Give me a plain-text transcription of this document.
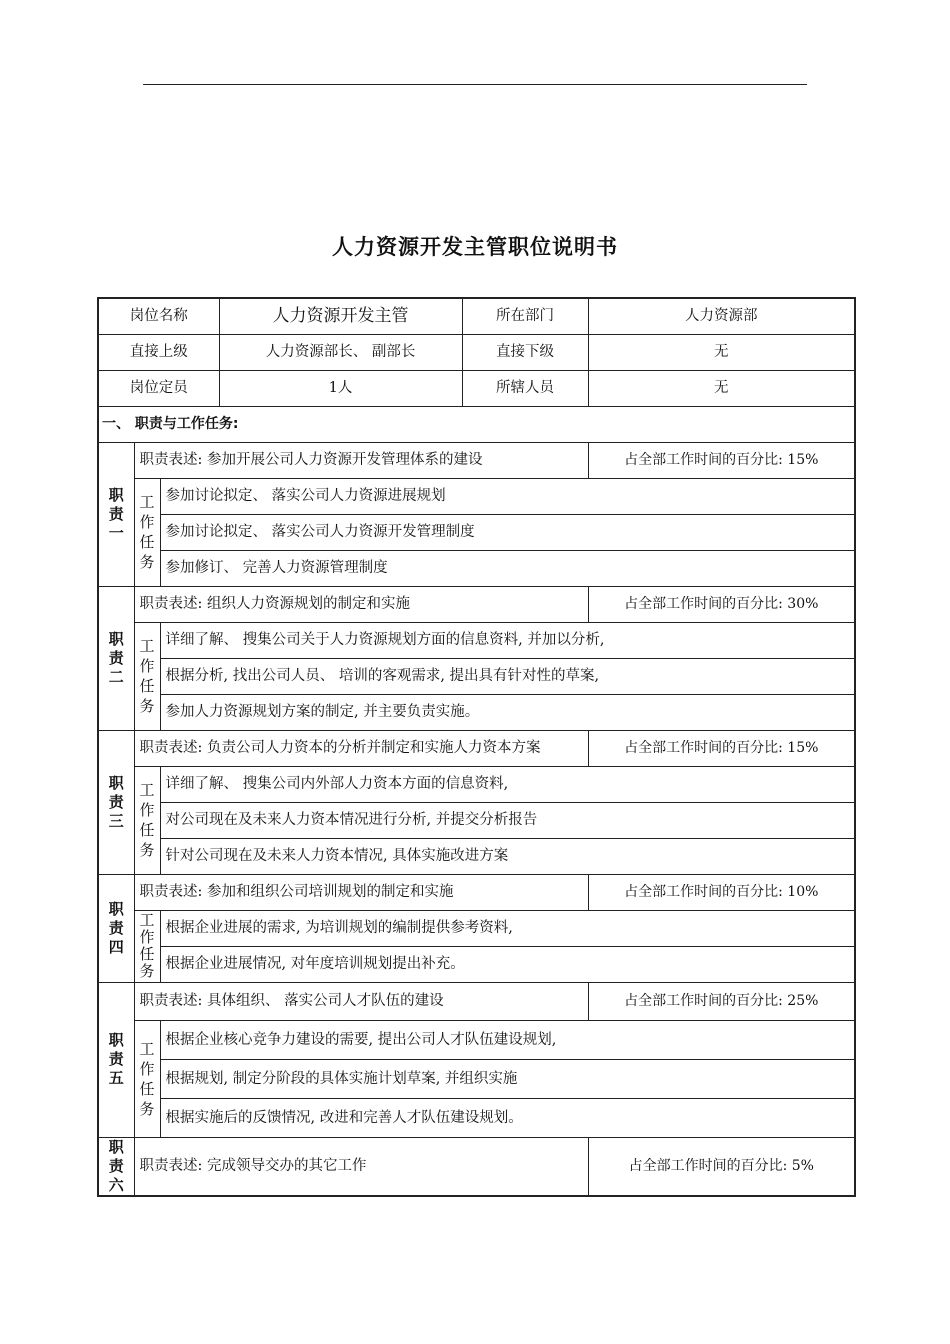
人力资源开发主管职位说明书
岗位名称			人力资源开发主管	所在部门	人力资源部
直接上级			人力资源部长、 副部长	直接下级	无
岗位定员			1人	所辖人员	无
一、 职责与工作任务:					

职
责
一	职责表述: 参加开展公司人力资源开发管理体系的建设				占全部工作时间的百分比: 15%

	工
作
任
务	参加讨论拟定、 落实公司人力资源进展规划			
		参加讨论拟定、 落实公司人力资源开发管理制度			
		参加修订、 完善人力资源管理制度			

职
责
二	职责表述: 组织人力资源规划的制定和实施				占全部工作时间的百分比: 30%

	工
作
任
务	详细了解、 搜集公司关于人力资源规划方面的信息资料, 并加以分析,			
		根据分析, 找出公司人员、 培训的客观需求, 提出具有针对性的草案,			
		参加人力资源规划方案的制定, 并主要负责实施。			

职
责
三	职责表述: 负责公司人力资本的分析并制定和实施人力资本方案				占全部工作时间的百分比: 15%

	工
作
任
务	详细了解、 搜集公司内外部人力资本方面的信息资料,			
		对公司现在及未来人力资本情况进行分析, 并提交分析报告			
		针对公司现在及未来人力资本情况, 具体实施改进方案			

职
责
四	职责表述: 参加和组织公司培训规划的制定和实施				占全部工作时间的百分比: 10%

	工
作
任
务	根据企业进展的需求, 为培训规划的编制提供参考资料,			
		根据企业进展情况, 对年度培训规划提出补充。			

职
责
五	职责表述: 具体组织、 落实公司人才队伍的建设				占全部工作时间的百分比: 25%

	工
作
任
务	根据企业核心竞争力建设的需要, 提出公司人才队伍建设规划,			
		根据规划, 制定分阶段的具体实施计划草案, 并组织实施			
		根据实施后的反馈情况, 改进和完善人才队伍建设规划。			

职
责
六	职责表述: 完成领导交办的其它工作				占全部工作时间的百分比: 5%
